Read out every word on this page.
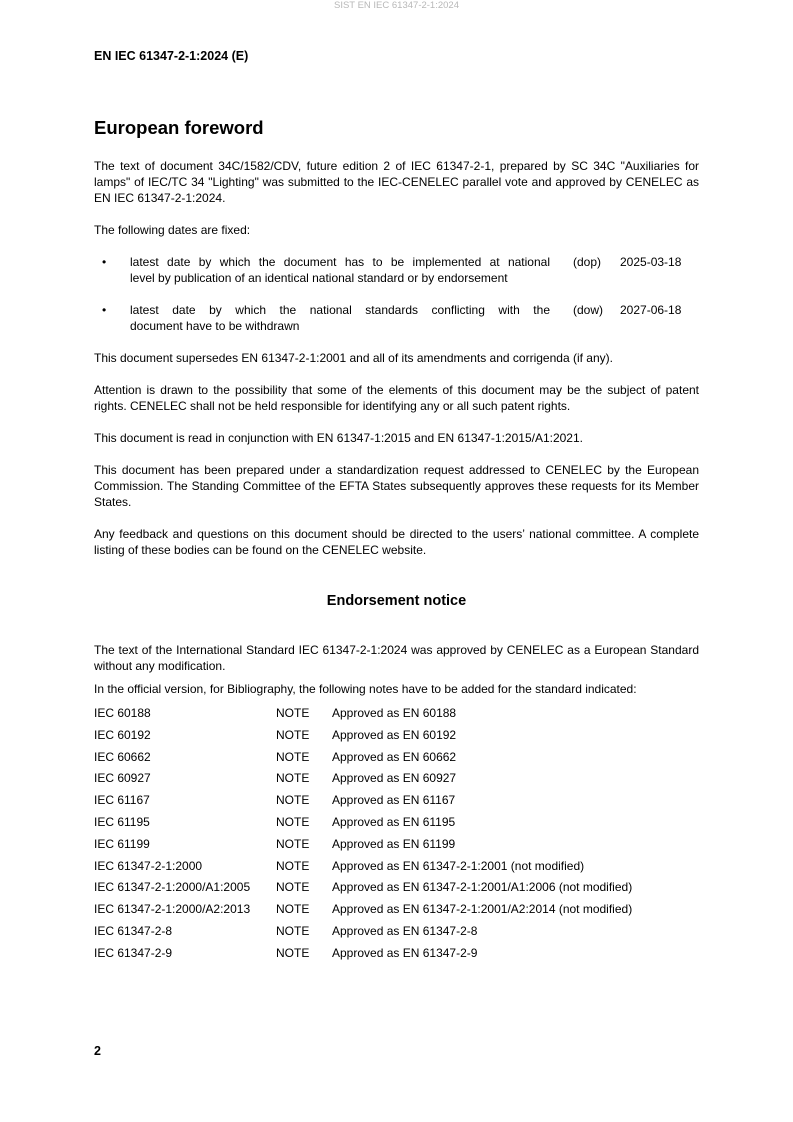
SIST EN IEC 61347-2-1:2024
EN IEC 61347-2-1:2024 (E)
European foreword

The text of document 34C/1582/CDV, future edition 2 of IEC 61347-2-1, prepared by SC 34C "Auxiliaries for lamps" of IEC/TC 34 "Lighting" was submitted to the IEC-CENELEC parallel vote and approved by CENELEC as EN IEC 61347-2-1:2024.

The following dates are fixed:

• latest date by which the document has to be implemented at national
level by publication of an identical national standard or by endorsement
(dop) 2025-03-18
• latest date by which the national standards conflicting with the
document have to be withdrawn
(dow) 2027-06-18

This document supersedes EN 61347-2-1:2001 and all of its amendments and corrigenda (if any).

Attention is drawn to the possibility that some of the elements of this document may be the subject of patent rights. CENELEC shall not be held responsible for identifying any or all such patent rights.

This document is read in conjunction with EN 61347-1:2015 and EN 61347-1:2015/A1:2021.

This document has been prepared under a standardization request addressed to CENELEC by the European Commission. The Standing Committee of the EFTA States subsequently approves these requests for its Member States.

Any feedback and questions on this document should be directed to the users’ national committee. A complete listing of these bodies can be found on the CENELEC website.

Endorsement notice

The text of the International Standard IEC 61347-2-1:2024 was approved by CENELEC as a European Standard without any modification.

In the official version, for Bibliography, the following notes have to be added for the standard indicated:

IEC 60188	NOTE Approved as EN 60188
IEC 60192	NOTE Approved as EN 60192
IEC 60662	NOTE Approved as EN 60662
IEC 60927	NOTE Approved as EN 60927
IEC 61167	NOTE Approved as EN 61167
IEC 61195	NOTE Approved as EN 61195
IEC 61199	NOTE Approved as EN 61199
IEC 61347-2-1:2000	NOTE Approved as EN 61347-2-1:2001 (not modified)
IEC 61347-2-1:2000/A1:2005 NOTE Approved as EN 61347-2-1:2001/A1:2006 (not modified)
IEC 61347-2-1:2000/A2:2013 NOTE Approved as EN 61347-2-1:2001/A2:2014 (not modified)
IEC 61347-2-8	NOTE Approved as EN 61347-2-8
IEC 61347-2-9	NOTE Approved as EN 61347-2-9
2
